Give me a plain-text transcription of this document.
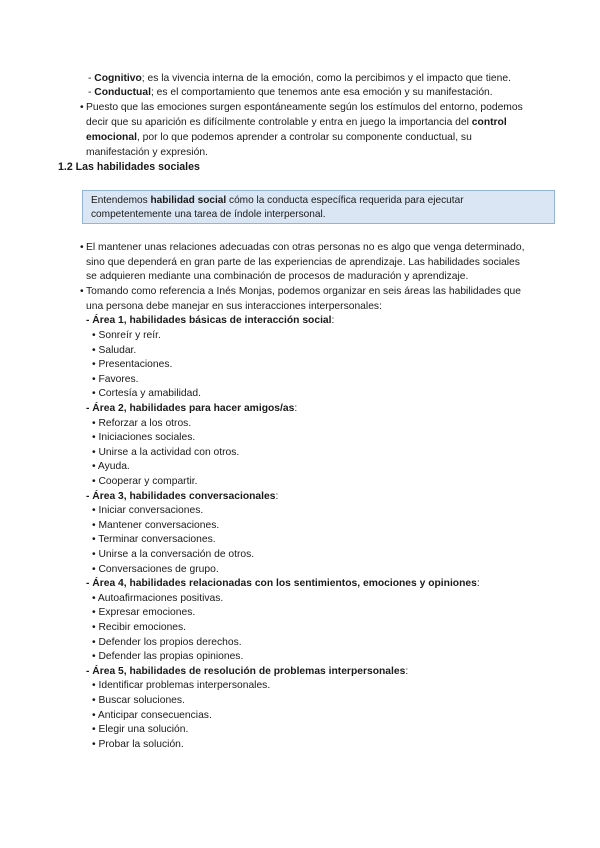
- Cognitivo; es la vivencia interna de la emoción, como la percibimos y el impacto que tiene.
- Conductual; es el comportamiento que tenemos ante esa emoción y su manifestación.
• Puesto que las emociones surgen espontáneamente según los estímulos del entorno, podemos
decir que su aparición es difícilmente controlable y entra en juego la importancia del control
emocional, por lo que podemos aprender a controlar su componente conductual, su
manifestación y expresión.
1.2 Las habilidades sociales
Entendemos habilidad social cómo la conducta específica requerida para ejecutar
competentemente una tarea de índole interpersonal.
• El mantener unas relaciones adecuadas con otras personas no es algo que venga determinado,
sino que dependerá en gran parte de las experiencias de aprendizaje. Las habilidades sociales
se adquieren mediante una combinación de procesos de maduración y aprendizaje.
• Tomando como referencia a Inés Monjas, podemos organizar en seis áreas las habilidades que
una persona debe manejar en sus interacciones interpersonales:
- Área 1, habilidades básicas de interacción social:
• Sonreír y reír.
• Saludar.
• Presentaciones.
• Favores.
• Cortesía y amabilidad.
- Área 2, habilidades para hacer amigos/as:
• Reforzar a los otros.
• Iniciaciones sociales.
• Unirse a la actividad con otros.
• Ayuda.
• Cooperar y compartir.
- Área 3, habilidades conversacionales:
• Iniciar conversaciones.
• Mantener conversaciones.
• Terminar conversaciones.
• Unirse a la conversación de otros.
• Conversaciones de grupo.
- Área 4, habilidades relacionadas con los sentimientos, emociones y opiniones:
• Autoafirmaciones positivas.
• Expresar emociones.
• Recibir emociones.
• Defender los propios derechos.
• Defender las propias opiniones.
- Área 5, habilidades de resolución de problemas interpersonales:
• Identificar problemas interpersonales.
• Buscar soluciones.
• Anticipar consecuencias.
• Elegir una solución.
• Probar la solución.
